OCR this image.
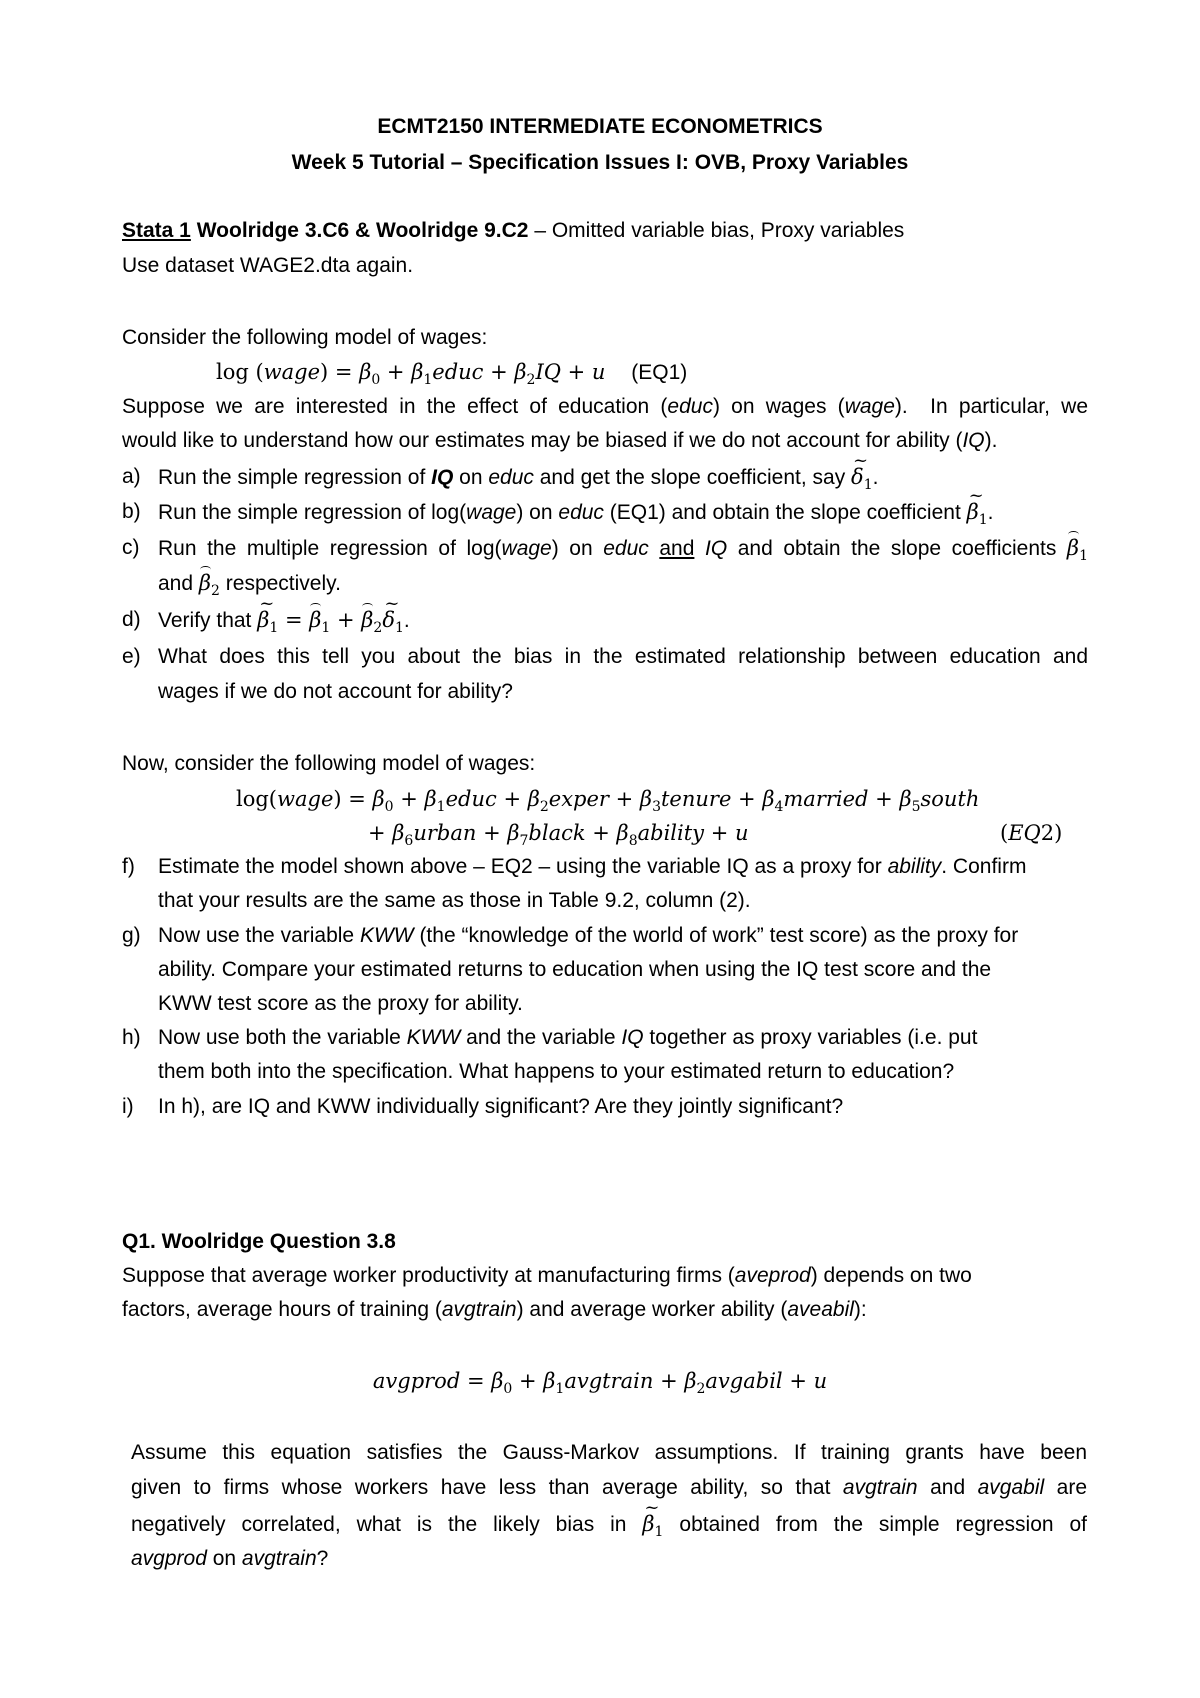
ECMT2150 INTERMEDIATE ECONOMETRICS
Week 5 Tutorial – Specification Issues I: OVB, Proxy Variables
Stata 1 Woolridge 3.C6 & Woolridge 9.C2 – Omitted variable bias, Proxy variables
Use dataset WAGE2.dta again.
Consider the following model of wages:
log (wage) = $\beta_0$ + $\beta_1educ + \beta_2IQ + u$ (EQ1)
Suppose we are interested in the effect of education (educ) on wages (wage).  In particular, we
would like to understand how our estimates may be biased if we do not account for ability (IQ).
a) Run the simple regression of IQ on educ and get the slope coefficient, say ~ $\delta_1$.
b) Run the simple regression of log(wage) on educ (EQ1) and obtain the slope coefficient ~ $\beta_1$.
c) Run the multiple regression of log(wage) on educ and IQ and obtain the slope coefficients $\beta_1$
and $\beta_2$ respectively.
d) Verify that ~ $\beta_1 = \beta_1$ + $\beta_2\sim$ $\delta_1$.
e) What does this tell you about the bias in the estimated relationship between education and
wages if we do not account for ability?
Now, consider the following model of wages:
log(wage) = $\beta_0$ + $\beta_1educ$ + $\beta_2exper$ + $\beta_3tenure$ + $\beta_4married$ + $\beta_5south$
+ $\beta_6urban$ + $\beta_7black$ + $\beta_8ability + u$	(EQ2)
f) Estimate the model shown above – EQ2 – using the variable IQ as a proxy for ability. Confirm
that your results are the same as those in Table 9.2, column (2).
g) Now use the variable KWW (the “knowledge of the world of work” test score) as the proxy for
ability. Compare your estimated returns to education when using the IQ test score and the
KWW test score as the proxy for ability.
h) Now use both the variable KWW and the variable IQ together as proxy variables (i.e. put
them both into the specification. What happens to your estimated return to education?
i) In h), are IQ and KWW individually significant? Are they jointly significant?
Q1. Woolridge Question 3.8
Suppose that average worker productivity at manufacturing firms (aveprod) depends on two
factors, average hours of training (avgtrain) and average worker ability (aveabil):
avgprod = $\beta_0$ + $\beta_1avgtrain$ + $\beta_2avgabil + u$
Assume this equation satisfies the Gauss-Markov assumptions. If training grants have been
given to firms whose workers have less than average ability, so that avgtrain and avgabil are
negatively correlated, what is the likely bias in ~ $\beta_1$ obtained from the simple regression of
avgprod on avgtrain?
